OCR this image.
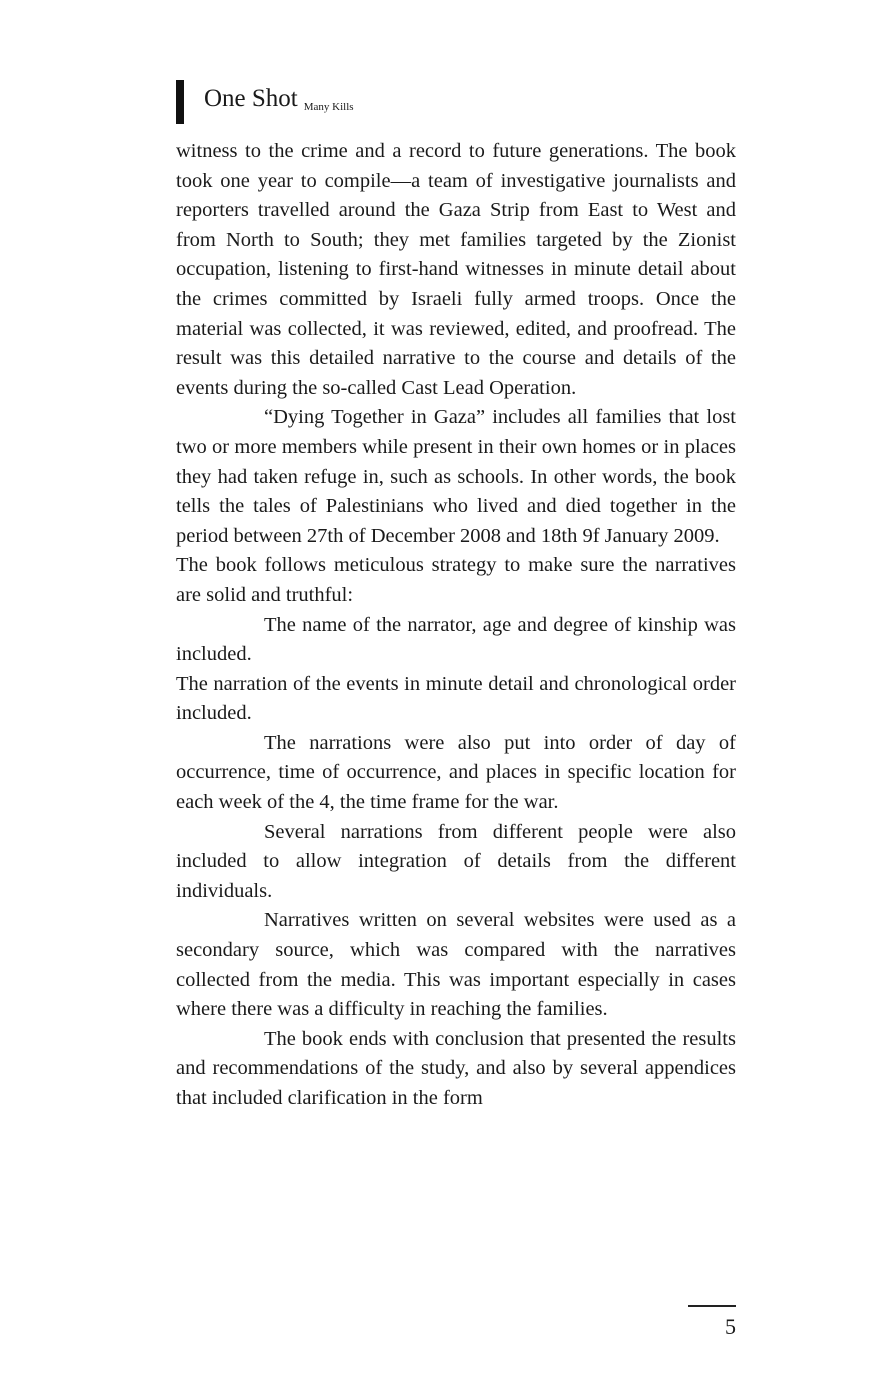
One Shot Many Kills

witness to the crime and a record to future generations. The book took one year to compile—a team of investigative journalists and reporters travelled around the Gaza Strip from East to West and from North to South; they met families targeted by the Zionist occupation, listening to first-hand witnesses in minute detail about the crimes committed by Israeli fully armed troops. Once the material was collected, it was reviewed, edited, and proofread. The result was this detailed narrative to the course and details of the events during the so-called Cast Lead Operation.

“Dying Together in Gaza” includes all families that lost two or more members while present in their own homes or in places they had taken refuge in, such as schools. In other words, the book tells the tales of Palestinians who lived and died together in the period between 27th of December 2008 and 18th 9f January 2009.

The book follows meticulous strategy to make sure the narratives are solid and truthful:

The name of the narrator, age and degree of kinship was included.

The narration of the events in minute detail and chronological order included.

The narrations were also put into order of day of occurrence, time of occurrence, and places in specific location for each week of the 4, the time frame for the war.

Several narrations from different people were also included to allow integration of details from the different individuals.

Narratives written on several websites were used as a secondary source, which was compared with the narratives collected from the media. This was important especially in cases where there was a difficulty in reaching the families.

The book ends with conclusion that presented the results and recommendations of the study, and also by several appendices that included clarification in the form

5
